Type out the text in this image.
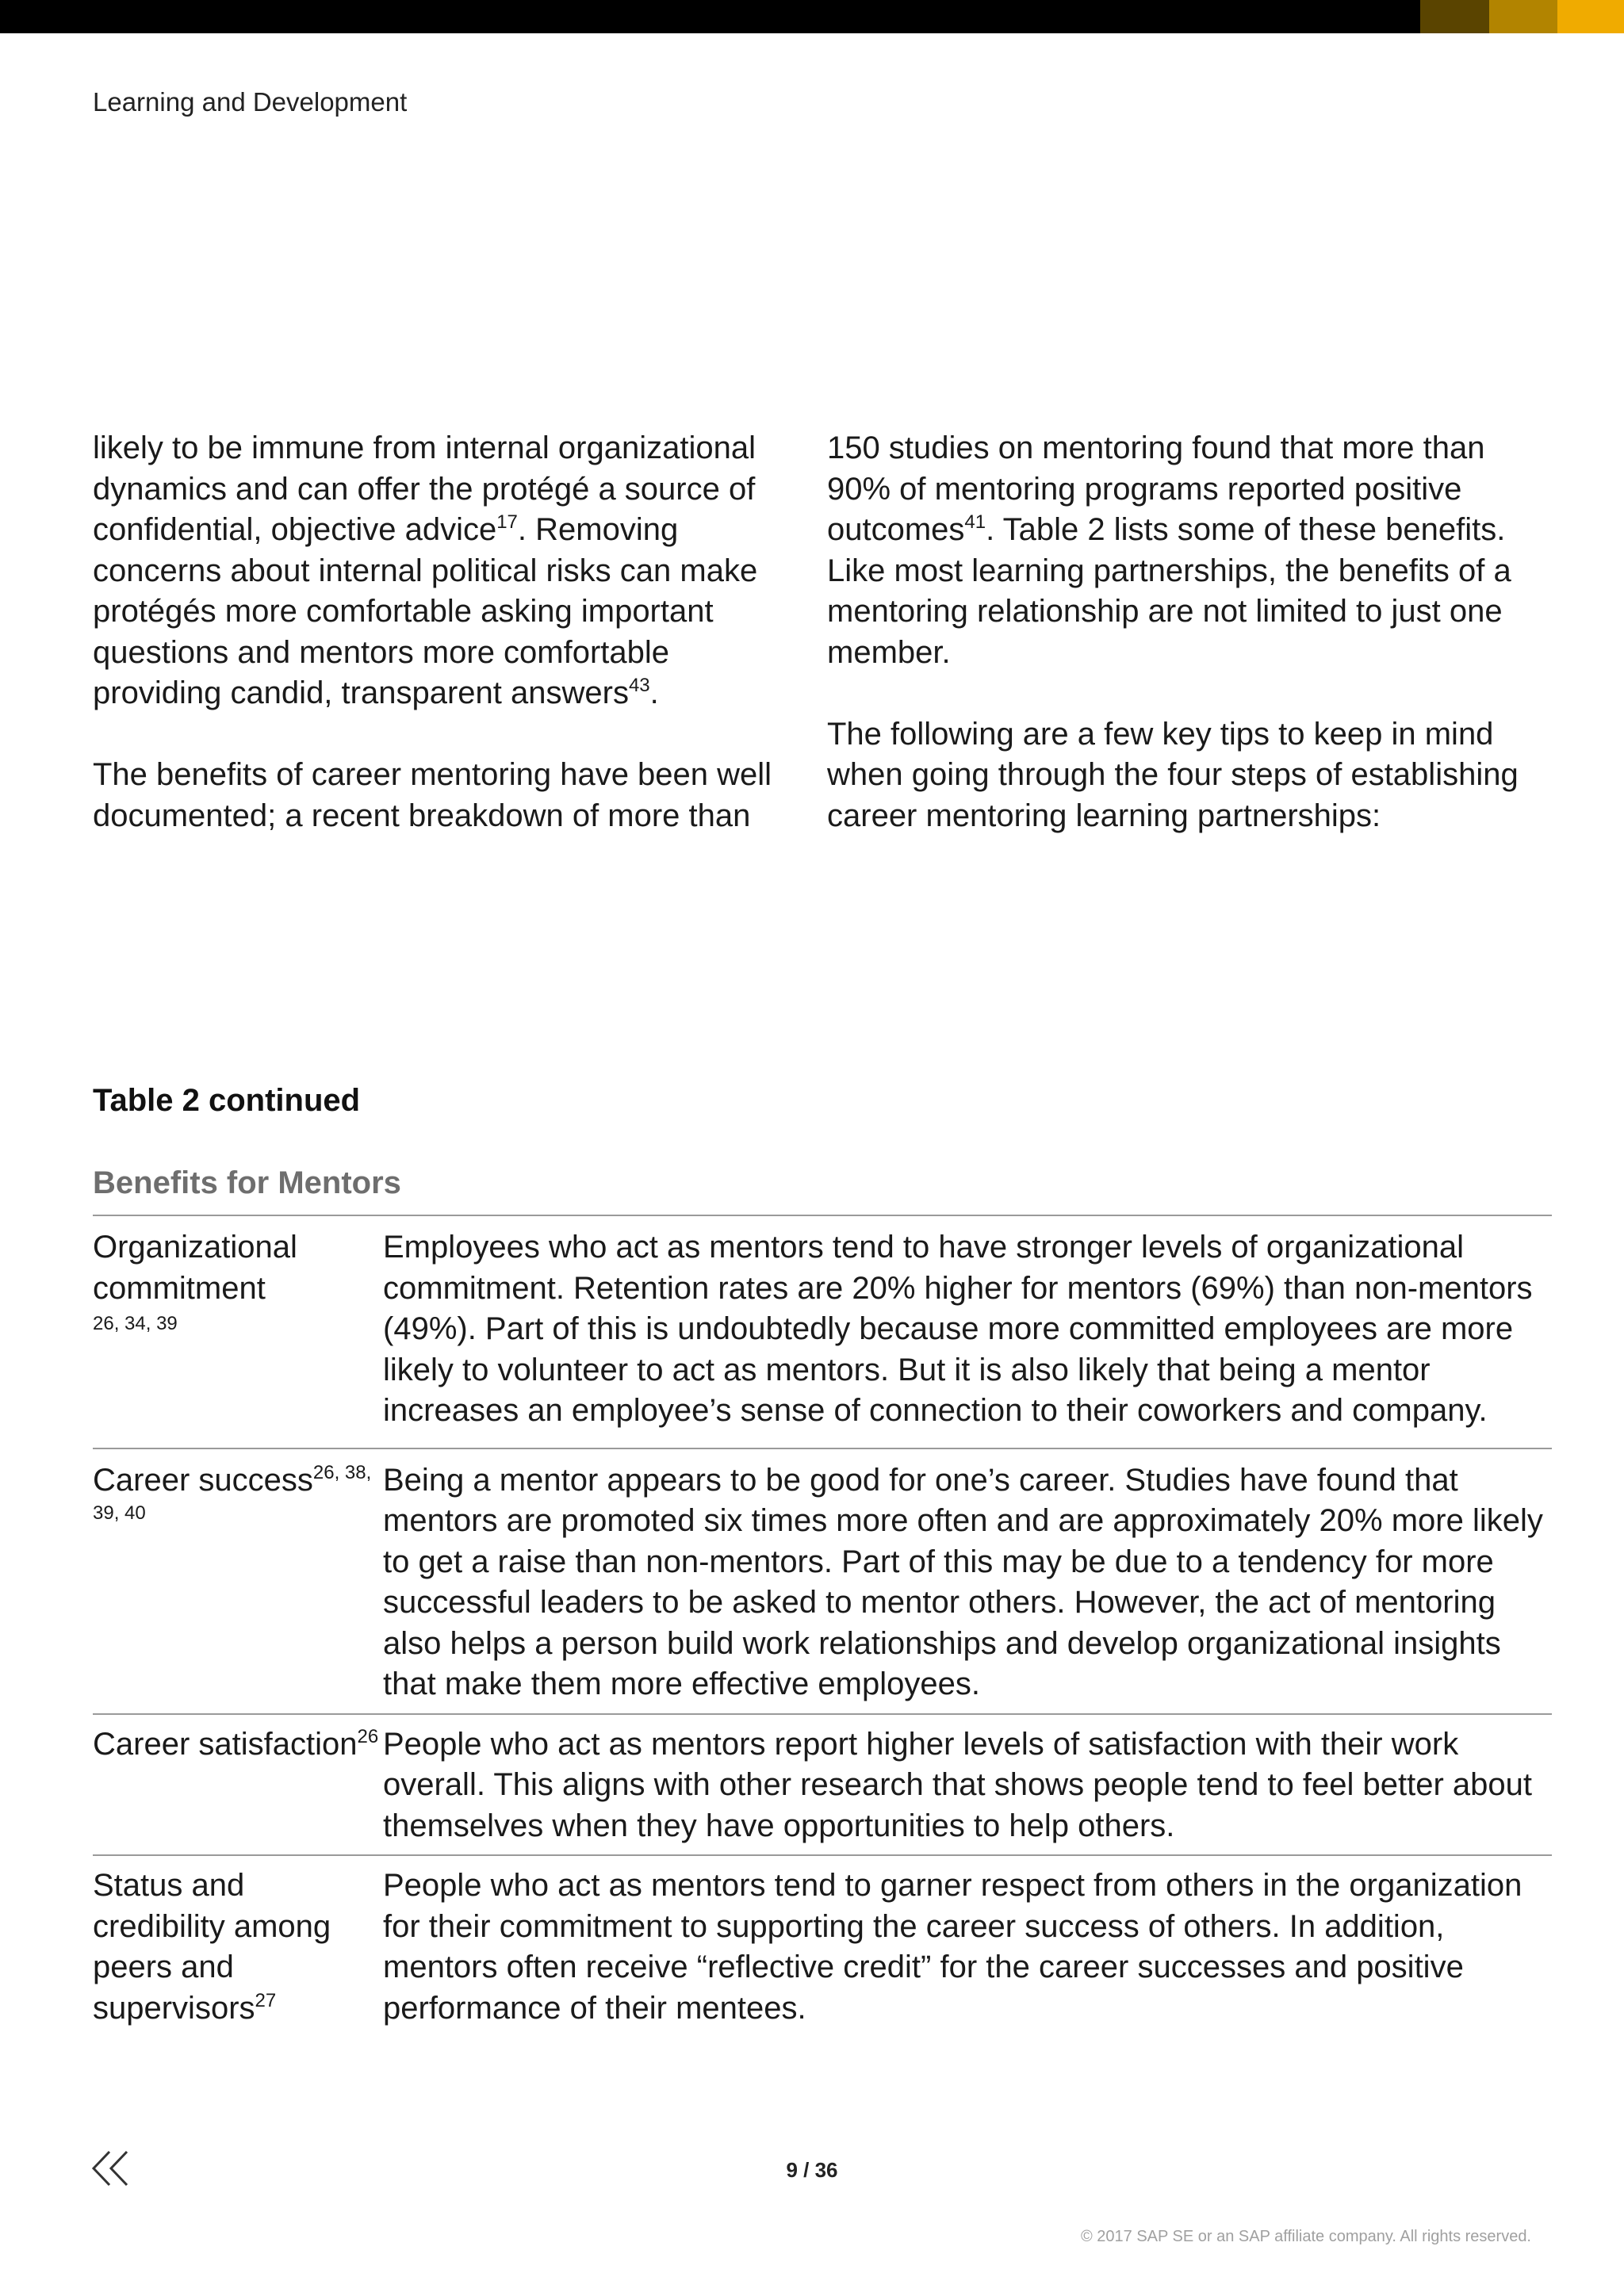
Learning and Development

likely to be immune from internal organizational dynamics and can offer the protégé a source of confidential, objective advice$^{17}$. Removing concerns about internal political risks can make protégés more comfortable asking important questions and mentors more comfortable providing candid, transparent answers$^{43}$.

The benefits of career mentoring have been well documented; a recent breakdown of more than

150 studies on mentoring found that more than 90% of mentoring programs reported positive outcomes$^{41}$. Table 2 lists some of these benefits. Like most learning partnerships, the benefits of a mentoring relationship are not limited to just one member.

The following are a few key tips to keep in mind when going through the four steps of establishing career mentoring learning partnerships:

Table 2 continued
Benefits for Mentors
Organizational commitment
26, 34, 39
Employees who act as mentors tend to have stronger levels of organizational commitment. Retention rates are 20% higher for mentors (69%) than non-mentors (49%). Part of this is undoubtedly because more committed employees are more likely to volunteer to act as mentors. But it is also likely that being a mentor increases an employee’s sense of connection to their coworkers and company.
Career success$^{26, 38, 39, 40}$
Being a mentor appears to be good for one’s career. Studies have found that mentors are promoted six times more often and are approximately 20% more likely to get a raise than non-mentors. Part of this may be due to a tendency for more successful leaders to be asked to mentor others. However, the act of mentoring also helps a person build work relationships and develop organizational insights that make them more effective employees.
Career satisfaction$^{26}$ People who act as mentors report higher levels of satisfaction with their work overall. This aligns with other research that shows people tend to feel better about themselves when they have opportunities to help others.
Status and credibility among peers and supervisors$^{27}$
People who act as mentors tend to garner respect from others in the organization for their commitment to supporting the career success of others. In addition, mentors often receive “reflective credit” for the career successes and positive performance of their mentees.
9 / 36
© 2017 SAP SE or an SAP affiliate company. All rights reserved.
